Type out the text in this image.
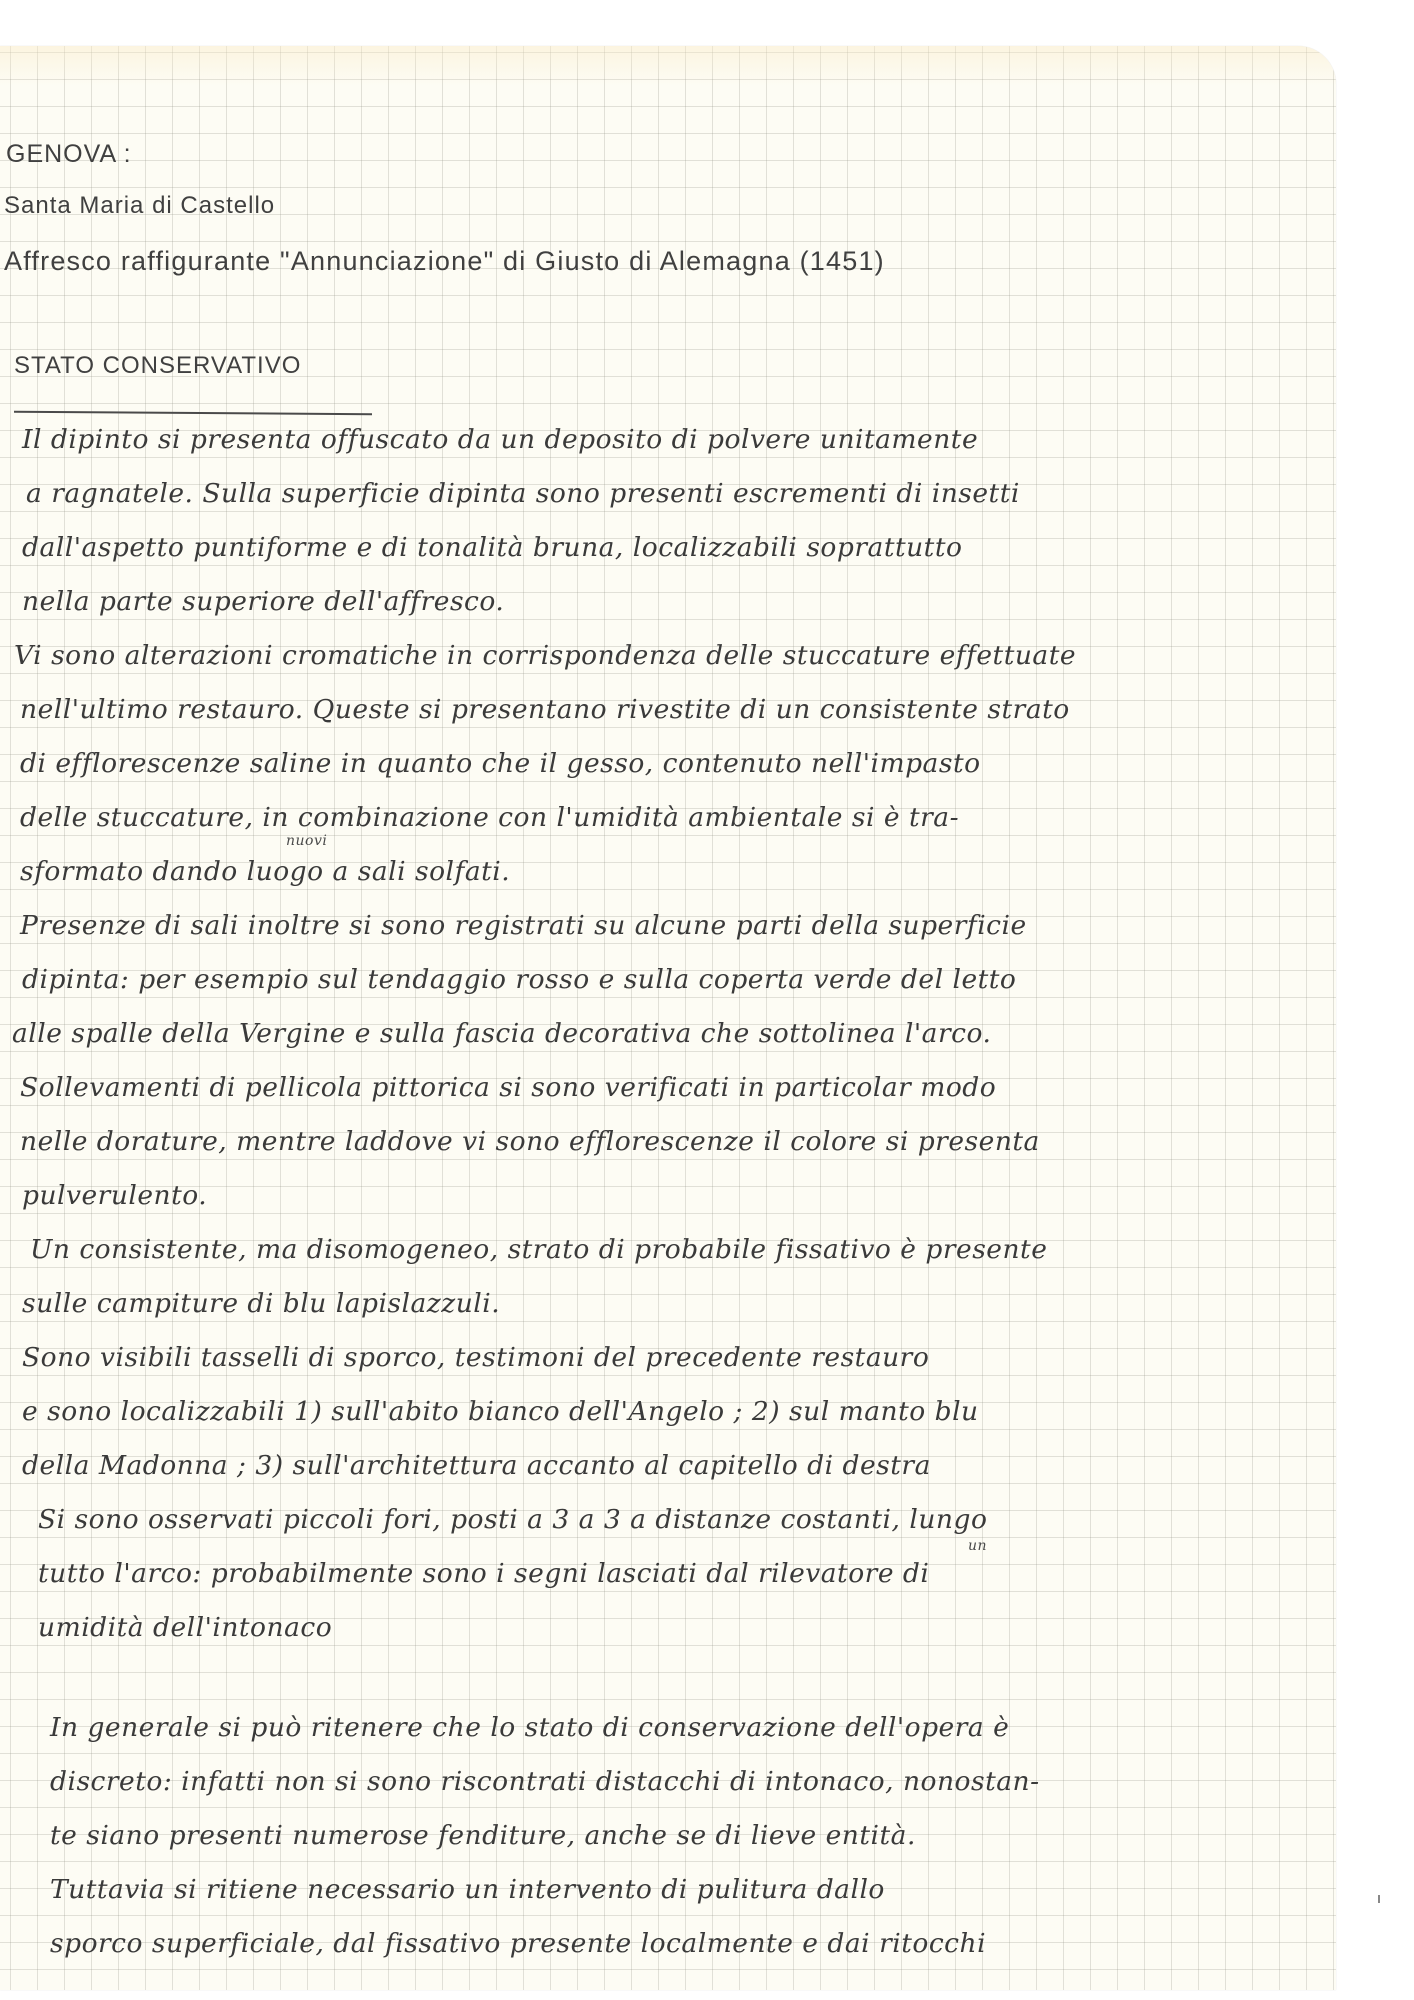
GENOVA :
Santa Maria di Castello
Affresco raffigurante "Annunciazione" di Giusto di Alemagna (1451)
STATO CONSERVATIVO
Il dipinto si presenta offuscato da un deposito di polvere unitamente
a ragnatele. Sulla superficie dipinta sono presenti escrementi di insetti
dall'aspetto puntiforme e di tonalità bruna, localizzabili soprattutto
nella parte superiore dell'affresco.
Vi sono alterazioni cromatiche in corrispondenza delle stuccature effettuate
nell'ultimo restauro. Queste si presentano rivestite di un consistente strato
di efflorescenze saline in quanto che il gesso, contenuto nell'impasto
delle stuccature, in combinazione con l'umidità ambientale si è tra-
nuovi
sformato dando luogo a sali solfati.
Presenze di sali inoltre si sono registrati su alcune parti della superficie
dipinta: per esempio sul tendaggio rosso e sulla coperta verde del letto
alle spalle della Vergine e sulla fascia decorativa che sottolinea l'arco.
Sollevamenti di pellicola pittorica si sono verificati in particolar modo
nelle dorature, mentre laddove vi sono efflorescenze il colore si presenta
pulverulento.
Un consistente, ma disomogeneo, strato di probabile fissativo è presente
sulle campiture di blu lapislazzuli.
Sono visibili tasselli di sporco, testimoni del precedente restauro
e sono localizzabili 1) sull'abito bianco dell'Angelo ; 2) sul manto blu
della Madonna ; 3) sull'architettura accanto al capitello di destra
Si sono osservati piccoli fori, posti a 3 a 3 a distanze costanti, lungo
un
tutto l'arco: probabilmente sono i segni lasciati dal rilevatore di
umidità dell'intonaco
In generale si può ritenere che lo stato di conservazione dell'opera è
discreto: infatti non si sono riscontrati distacchi di intonaco, nonostan-
te siano presenti numerose fenditure, anche se di lieve entità.
Tuttavia si ritiene necessario un intervento di pulitura dallo
sporco superficiale, dal fissativo presente localmente e dai ritocchi
